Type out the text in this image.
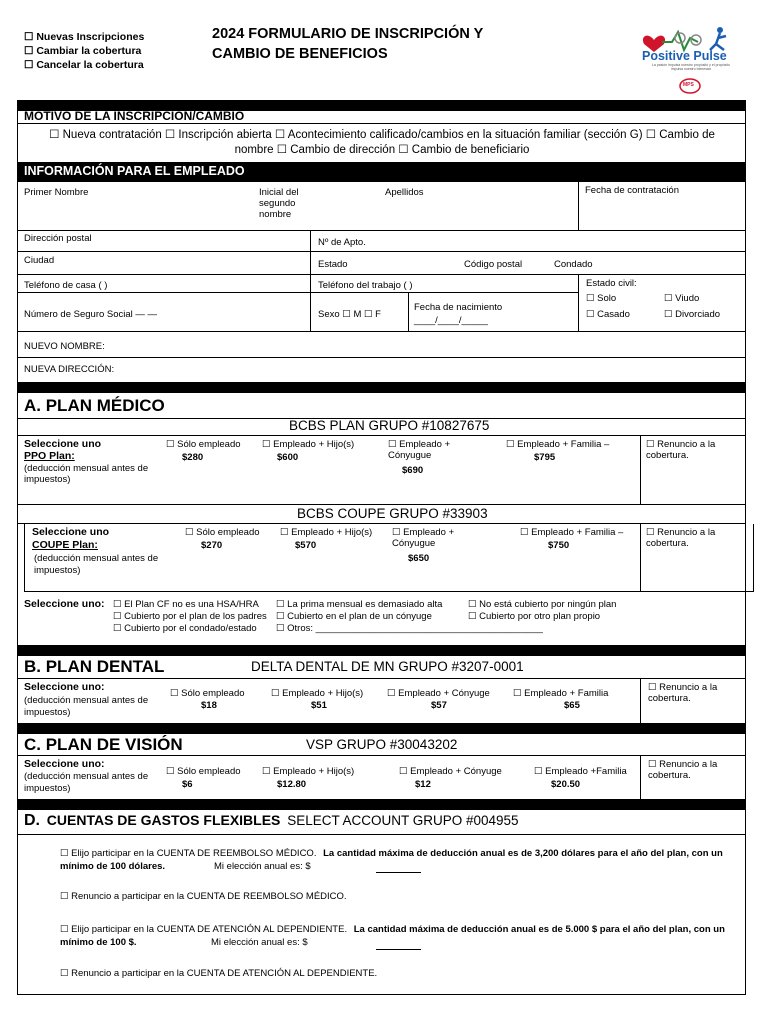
☐ Nuevas Inscripciones
☐ Cambiar la cobertura
☐ Cancelar la cobertura
2024 FORMULARIO DE INSCRIPCIÓN Y
CAMBIO DE BENEFICIOS	Positive Pulse
La pasión impulsa nuestro propósito y el propósito impulsa nuestro bienestar
MPS
MOTIVO DE LA INSCRIPCIÓN/CAMBIO
☐ Nueva contratación ☐ Inscripción abierta ☐ Acontecimiento calificado/cambios en la situación familiar (sección G) ☐ Cambio de
nombre ☐ Cambio de dirección ☐ Cambio de beneficiario
INFORMACIÓN PARA EL EMPLEADO
Primer Nombre	Inicial del
segundo
nombre
Apellidos	Fecha de contratación
Dirección postal	Nº de Apto.
Ciudad	Estado	Código postal	Condado
Teléfono de casa ( )	Teléfono del trabajo ( )	Estado civil:
☐ Solo	☐ Viudo
☐ Casado	☐ Divorciado
Número de Seguro Social — —	Sexo ☐ M ☐ F
Fecha de nacimiento
____/____/_____
NUEVO NOMBRE:
NUEVA DIRECCIÓN:
A. PLAN MÉDICO
BCBS PLAN GRUPO #10827675
Seleccione uno
PPO Plan:
(deducción mensual antes de
impuestos)
☐ Sólo empleado
$280
☐ Empleado + Hijo(s)
$600
☐ Empleado +
Cónyugue
$690
☐ Empleado + Familia –
$795
☐ Renuncio a la
cobertura.
BCBS COUPE GRUPO #33903
Seleccione uno
COUPE Plan:
(deducción mensual antes de
impuestos)
☐ Sólo empleado
$270
☐ Empleado + Hijo(s)
$570
☐ Empleado +
Cónyugue
$650
☐ Empleado + Familia –
$750
☐ Renuncio a la
cobertura.
Seleccione uno: ☐ El Plan CF no es una HSA/HRA
☐ Cubierto por el plan de los padres
☐ Cubierto por el condado/estado
☐ La prima mensual es demasiado alta
☐ Cubierto en el plan de un cónyuge
☐ Otros: ___________________________________________
☐ No está cubierto por ningún plan
☐ Cubierto por otro plan propio
B. PLAN DENTAL	DELTA DENTAL DE MN GRUPO #3207-0001
Seleccione uno:
(deducción mensual antes de
impuestos)
☐ Sólo empleado
$18
☐ Empleado + Hijo(s)
$51
☐ Empleado + Cónyuge
$57
☐ Empleado + Familia
$65
☐ Renuncio a la
cobertura.
C. PLAN DE VISIÓN	VSP GRUPO #30043202
Seleccione uno:
(deducción mensual antes de
impuestos)
☐ Sólo empleado
$6
☐ Empleado + Hijo(s)
$12.80
☐ Empleado + Cónyuge
$12
☐ Empleado +Familia
$20.50
☐ Renuncio a la
cobertura.
D. CUENTAS DE GASTOS FLEXIBLES SELECT ACCOUNT GRUPO #004955
☐ Elijo participar en la CUENTA DE REEMBOLSO MÉDICO. La cantidad máxima de deducción anual es de 3,200 dólares para el año del plan, con un
mínimo de 100 dólares.	Mi elección anual es: $
☐ Renuncio a participar en la CUENTA DE REEMBOLSO MÉDICO.
☐ Elijo participar en la CUENTA DE ATENCIÓN AL DEPENDIENTE. La cantidad máxima de deducción anual es de 5.000 $ para el año del plan, con un
mínimo de 100 $.	Mi elección anual es: $
☐ Renuncio a participar en la CUENTA DE ATENCIÓN AL DEPENDIENTE.
